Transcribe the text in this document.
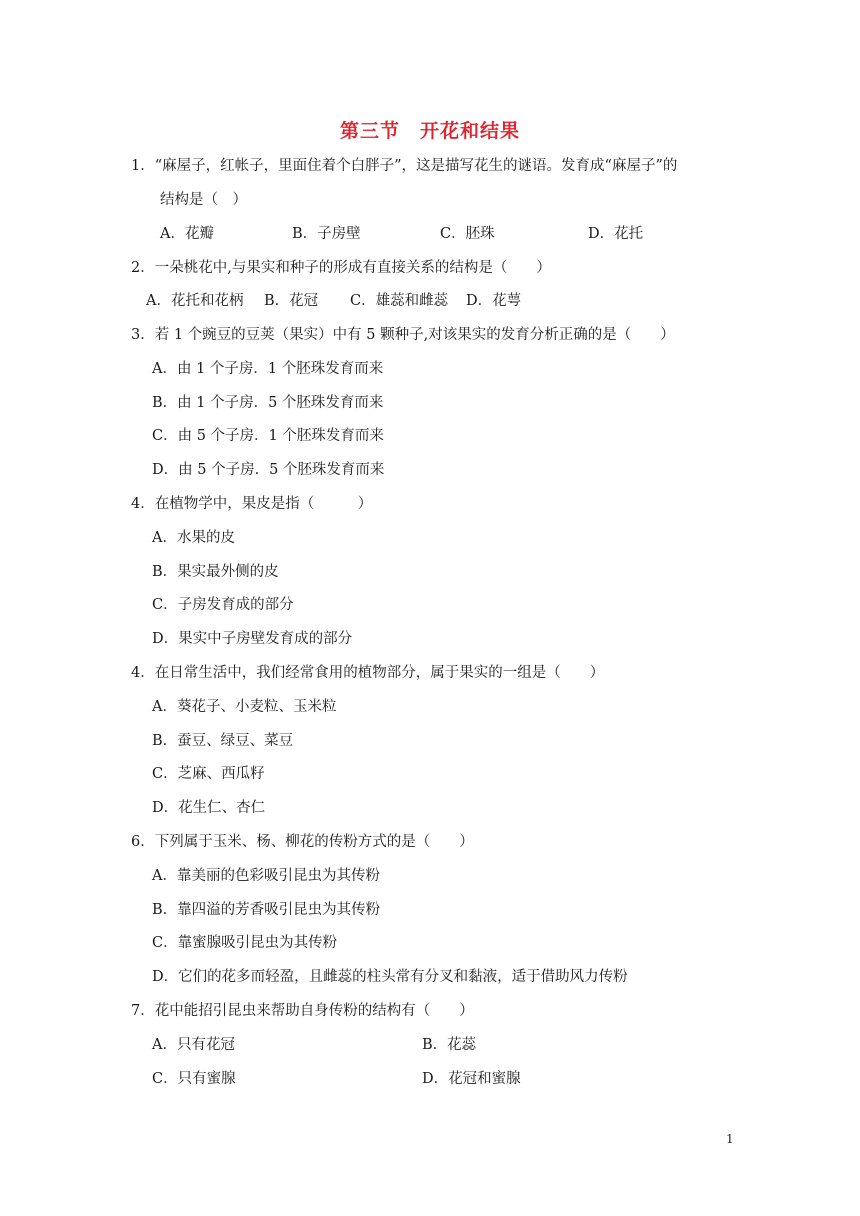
第三节　开花和结果
1．“麻屋子，红帐子，里面住着个白胖子”，这是描写花生的谜语。发育成“麻屋子”的
结构是（　）
A．花瓣	B．子房壁	C．胚珠	D．花托
2．一朵桃花中,与果实和种子的形成有直接关系的结构是（　　）
A．花托和花柄 B．花冠 C．雄蕊和雌蕊 D．花萼
3．若 1 个豌豆的豆荚（果实）中有 5 颗种子,对该果实的发育分析正确的是（　　）
A．由 1 个子房．1 个胚珠发育而来
B．由 1 个子房．5 个胚珠发育而来
C．由 5 个子房．1 个胚珠发育而来
D．由 5 个子房．5 个胚珠发育而来
4．在植物学中，果皮是指（　　　）
A．水果的皮
B．果实最外侧的皮
C．子房发育成的部分
D．果实中子房壁发育成的部分
4．在日常生活中，我们经常食用的植物部分，属于果实的一组是（　　）
A．葵花子、小麦粒、玉米粒
B．蚕豆、绿豆、菜豆
C．芝麻、西瓜籽
D．花生仁、杏仁
6．下列属于玉米、杨、柳花的传粉方式的是（　　）
A．靠美丽的色彩吸引昆虫为其传粉
B．靠四溢的芳香吸引昆虫为其传粉
C．靠蜜腺吸引昆虫为其传粉
D．它们的花多而轻盈，且雌蕊的柱头常有分叉和黏液，适于借助风力传粉
7．花中能招引昆虫来帮助自身传粉的结构有（　　）
A．只有花冠	B．花蕊
C．只有蜜腺	D．花冠和蜜腺
1
